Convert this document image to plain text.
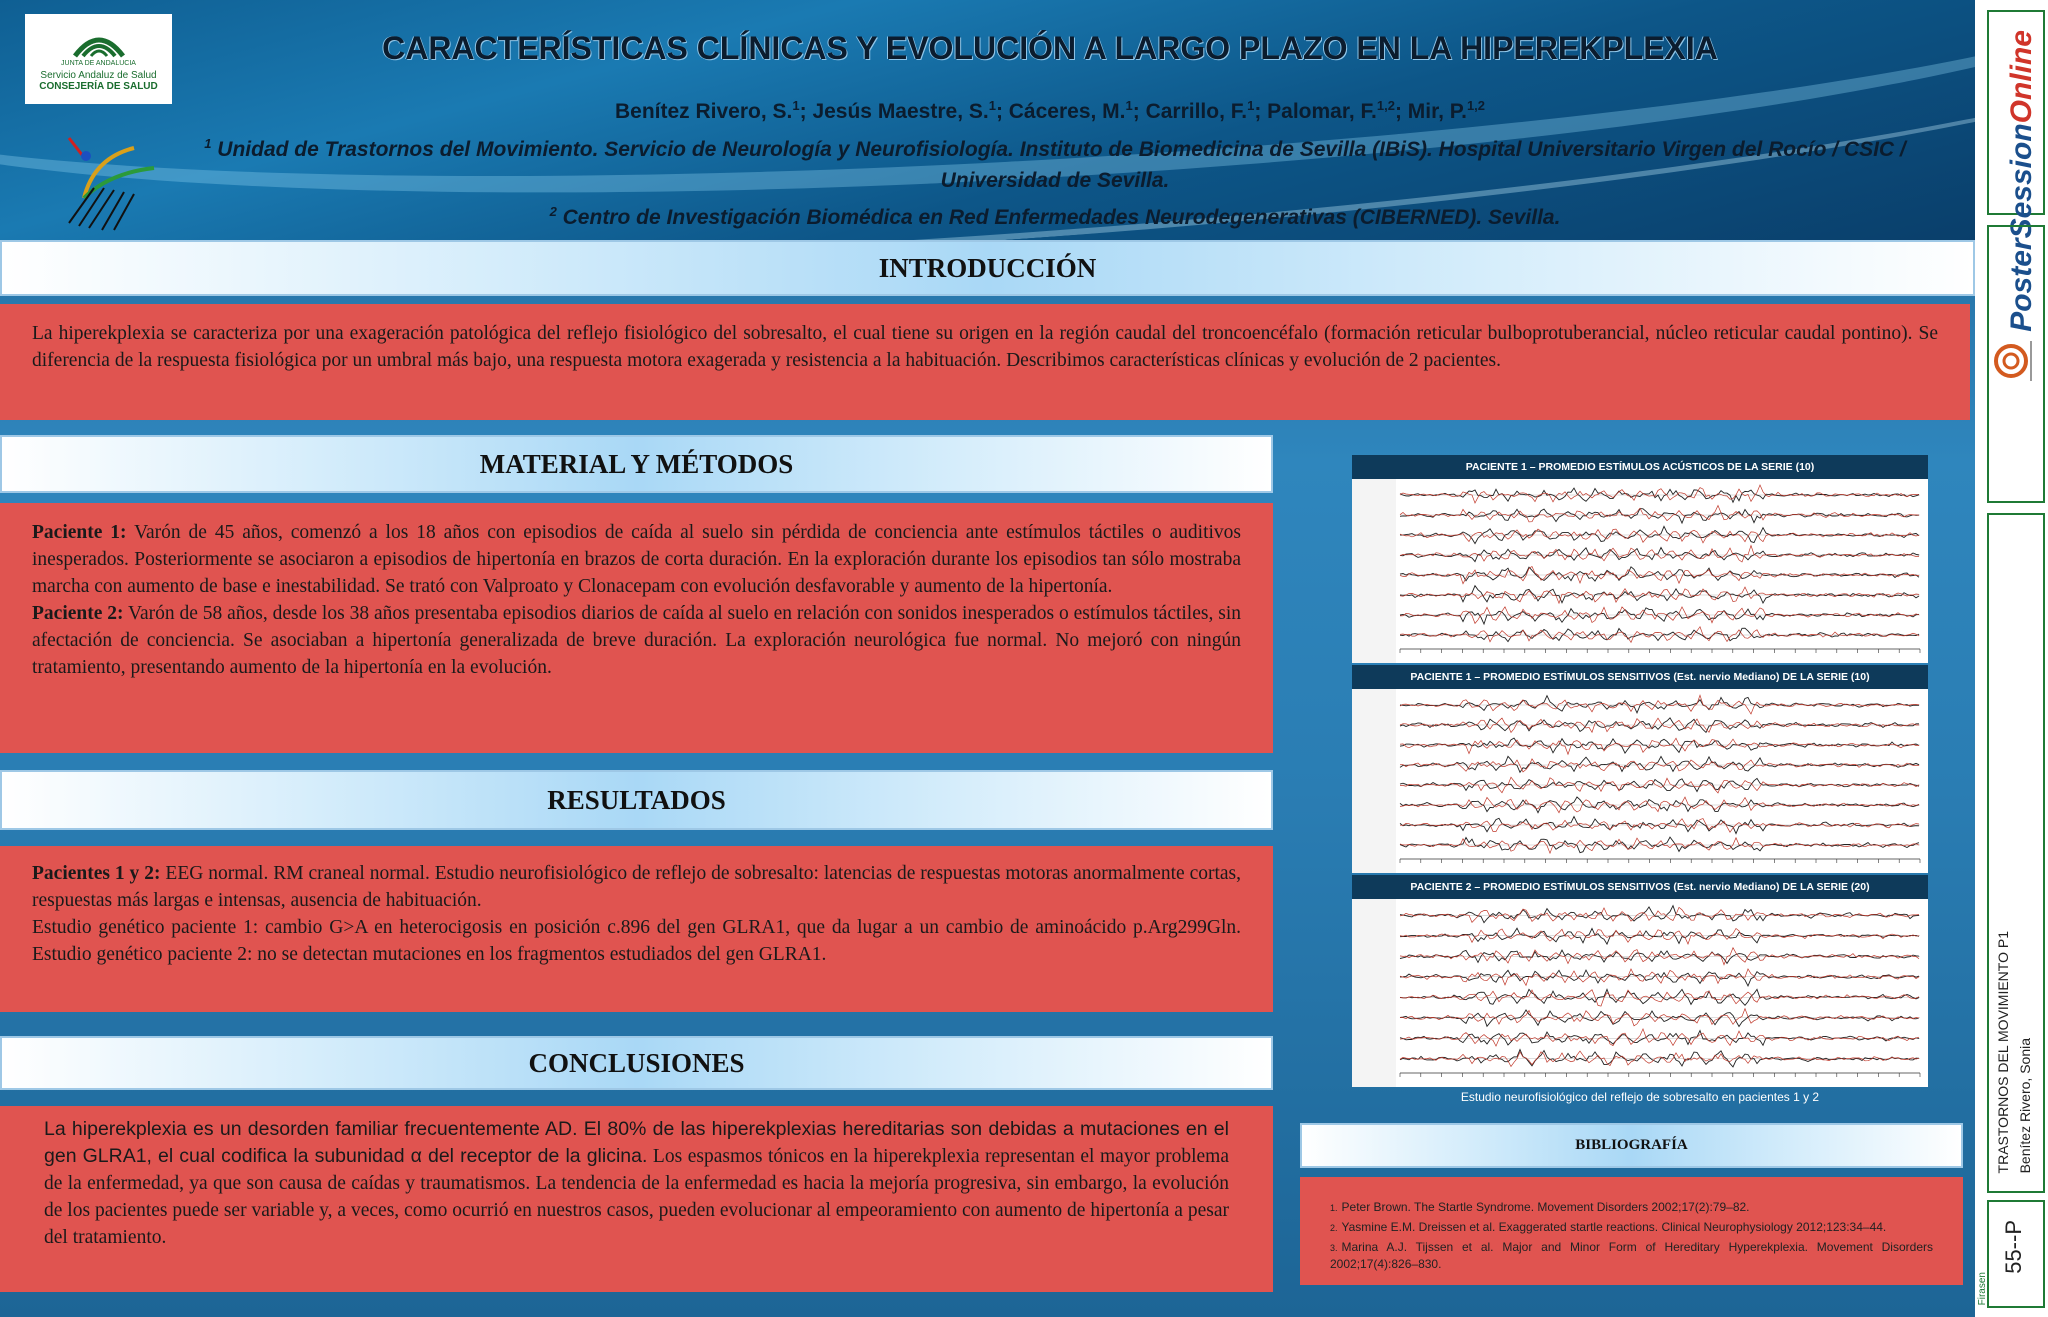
JUNTA DE ANDALUCIA
Servicio Andaluz de Salud
CONSEJERÍA DE SALUD
CARACTERÍSTICAS CLÍNICAS Y EVOLUCIÓN A LARGO PLAZO EN LA HIPEREKPLEXIA
Benítez Rivero, S.$^1$; Jesús Maestre, S.$^1$; Cáceres, M.$^1$; Carrillo, F.$^1$; Palomar, F.$^{1,2}$; Mir, P.$^{1,2}$
$^1$ Unidad de Trastornos del Movimiento. Servicio de Neurología y Neurofisiología. Instituto de Biomedicina de Sevilla (IBiS). Hospital Universitario Virgen del Rocío / CSIC / Universidad de Sevilla.
$^2$ Centro de Investigación Biomédica en Red Enfermedades Neurodegenerativas (CIBERNED). Sevilla.
INTRODUCCIÓN

La hiperekplexia se caracteriza por una exageración patológica del reflejo fisiológico del sobresalto, el cual tiene su origen en la región caudal del troncoencéfalo (formación reticular bulboprotuberancial, núcleo reticular caudal pontino). Se diferencia de la respuesta fisiológica por un umbral más bajo, una respuesta motora exagerada y resistencia a la habituación. Describimos características clínicas y evolución de 2 pacientes.

MATERIAL Y MÉTODOS

Paciente 1: Varón de 45 años, comenzó a los 18 años con episodios de caída al suelo sin pérdida de conciencia ante estímulos táctiles o auditivos inesperados. Posteriormente se asociaron a episodios de hipertonía en brazos de corta duración. En la exploración durante los episodios tan sólo mostraba marcha con aumento de base e inestabilidad. Se trató con Valproato y Clonacepam con evolución desfavorable y aumento de la hipertonía.

Paciente 2: Varón de 58 años, desde los 38 años presentaba episodios diarios de caída al suelo en relación con sonidos inesperados o estímulos táctiles, sin afectación de conciencia. Se asociaban a hipertonía generalizada de breve duración. La exploración neurológica fue normal. No mejoró con ningún tratamiento, presentando aumento de la hipertonía en la evolución.

RESULTADOS

Pacientes 1 y 2: EEG normal. RM craneal normal. Estudio neurofisiológico de reflejo de sobresalto: latencias de respuestas motoras anormalmente cortas, respuestas más largas e intensas, ausencia de habituación.

Estudio genético paciente 1: cambio G>A en heterocigosis en posición c.896 del gen GLRA1, que da lugar a un cambio de aminoácido p.Arg299Gln. Estudio genético paciente 2: no se detectan mutaciones en los fragmentos estudiados del gen GLRA1.

CONCLUSIONES

La hiperekplexia es un desorden familiar frecuentemente AD. El 80% de las hiperekplexias hereditarias son debidas a mutaciones en el gen GLRA1, el cual codifica la subunidad α del receptor de la glicina. Los espasmos tónicos en la hiperekplexia representan el mayor problema de la enfermedad, ya que son causa de caídas y traumatismos. La tendencia de la enfermedad es hacia la mejoría progresiva, sin embargo, la evolución de los pacientes puede ser variable y, a veces, como ocurrió en nuestros casos, pueden evolucionar al empeoramiento con aumento de hipertonía a pesar del tratamiento.

PACIENTE 1 – PROMEDIO ESTÍMULOS ACÚSTICOS DE LA SERIE (10)
PACIENTE 1 – PROMEDIO ESTÍMULOS SENSITIVOS (Est. nervio Mediano) DE LA SERIE (10)
PACIENTE 2 – PROMEDIO ESTÍMULOS SENSITIVOS (Est. nervio Mediano) DE LA SERIE (20)
Estudio neurofisiológico del reflejo de sobresalto en pacientes 1 y 2
BIBLIOGRAFÍA
1. Peter Brown. The Startle Syndrome. Movement Disorders 2002;17(2):79–82.
2. Yasmine E.M. Dreissen et al. Exaggerated startle reactions. Clinical Neurophysiology 2012;123:34–44.
3. Marina A.J. Tijssen et al. Major and Minor Form of Hereditary Hyperekplexia. Movement Disorders 2002;17(4):826–830.
PosterSessionOnline
TRASTORNOS DEL MOVIMIENTO P1 Benítez Rivero, Sonia
55--P
Firasen
